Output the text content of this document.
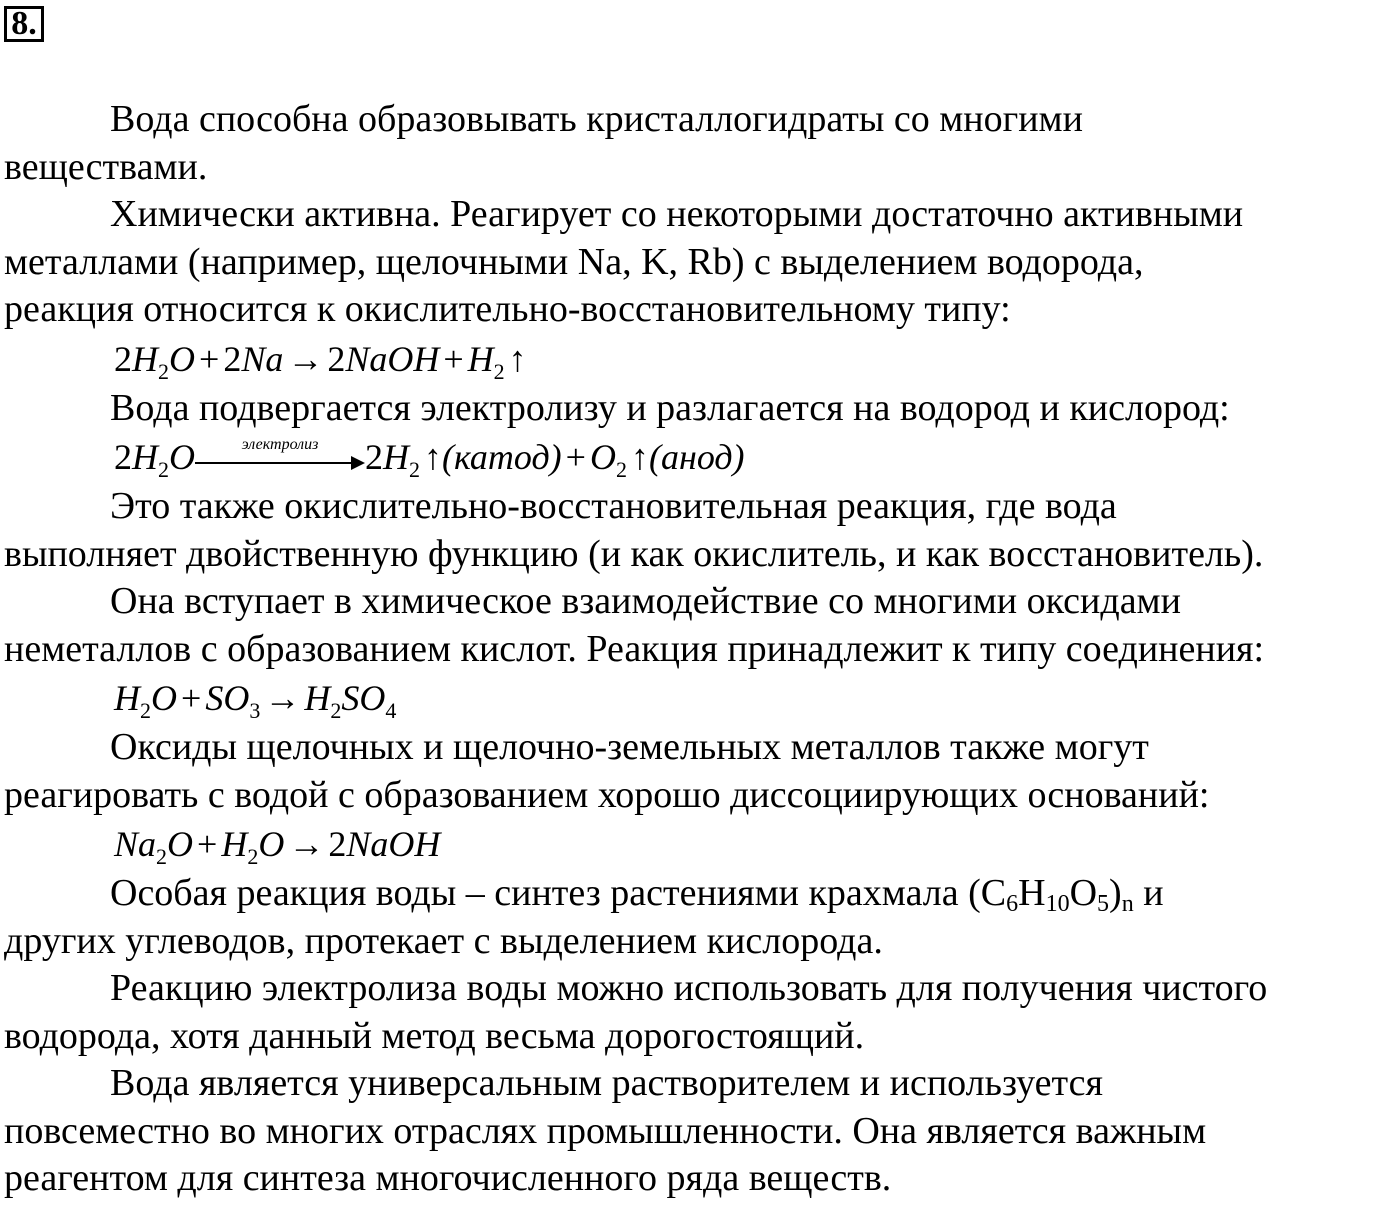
8.

Вода способна образовывать кристаллогидраты со многими
веществами.

Химически активна. Реагирует со некоторыми достаточно активными
металлами (например, щелочными Na, K, Rb) с выделением водорода,
реакция относится к окислительно-восстановительному типу:

$2H_2O + 2Na$ → 2NaOH + $H_2$ ↑

Вода подвергается электролизу и разлагается на водород и кислород:

$2H_2O$	электролиз	$2H_2$ ↑(катод) + $O_2$ ↑(анод)

Это также окислительно-восстановительная реакция, где вода
выполняет двойственную функцию (и как окислитель, и как восстановитель).

Она вступает в химическое взаимодействие со многими оксидами
неметаллов с образованием кислот. Реакция принадлежит к типу соединения:

$H_2O + SO_3 \to H_2SO_4$

Оксиды щелочных и щелочно-земельных металлов также могут
реагировать с водой с образованием хорошо диссоциирующих оснований:

$Na_2O + H_2O$ → 2NaOH

Особая реакция воды – синтез растениями крахмала (C6H10O5)n и
других углеводов, протекает с выделением кислорода.

Реакцию электролиза воды можно использовать для получения чистого
водорода, хотя данный метод весьма дорогостоящий.

Вода является универсальным растворителем и используется
повсеместно во многих отраслях промышленности. Она является важным
реагентом для синтеза многочисленного ряда веществ.
